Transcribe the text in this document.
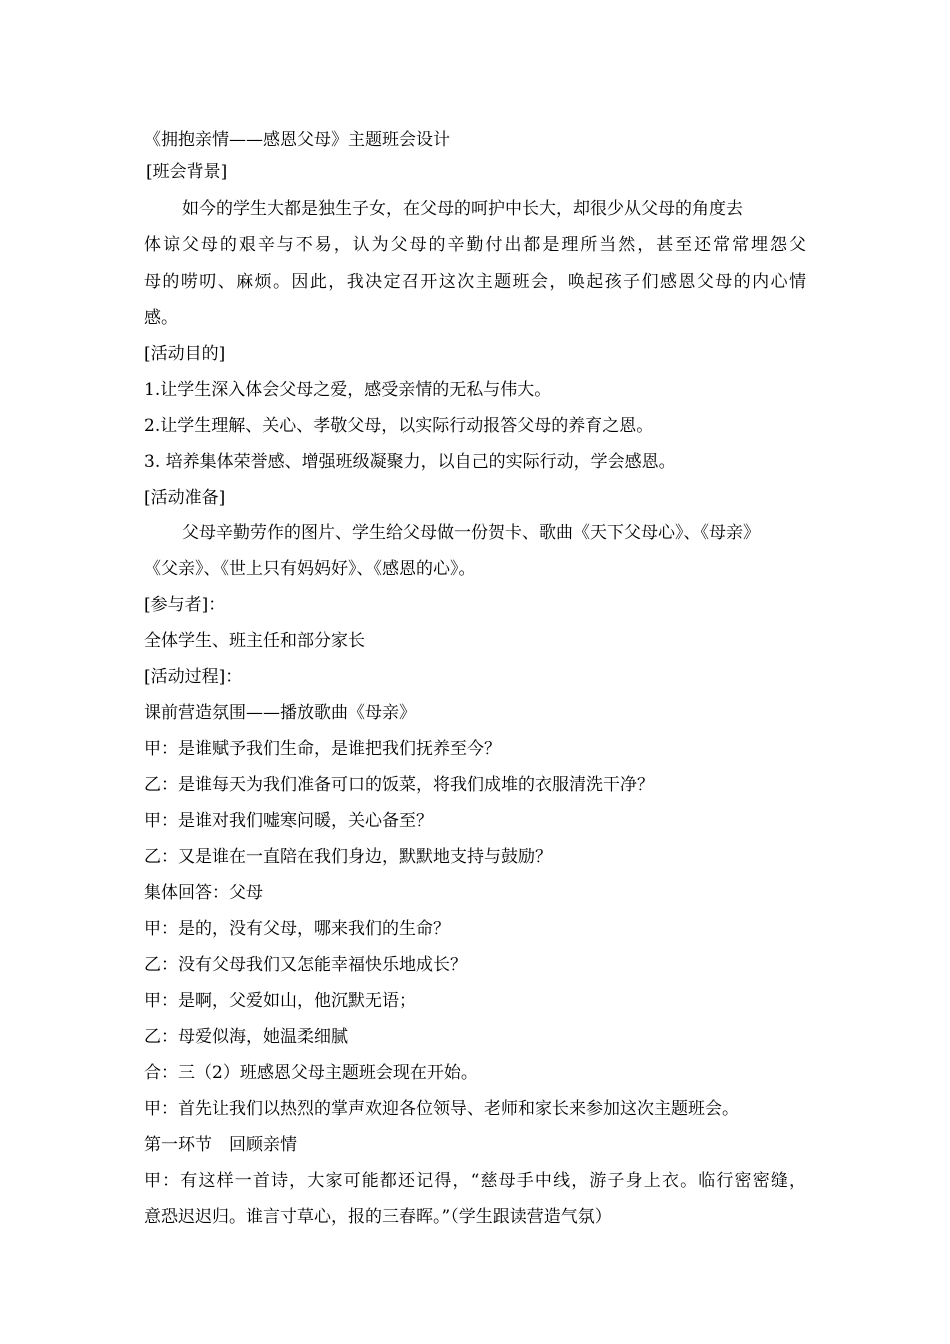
《拥抱亲情——感恩父母》主题班会设计
[班会背景]
如今的学生大都是独生子女，在父母的呵护中长大，却很少从父母的角度去
体谅父母的艰辛与不易，认为父母的辛勤付出都是理所当然，甚至还常常埋怨父
母的唠叨、麻烦。因此，我决定召开这次主题班会，唤起孩子们感恩父母的内心情
感。
[活动目的]
1.让学生深入体会父母之爱，感受亲情的无私与伟大。
2.让学生理解、关心、孝敬父母，以实际行动报答父母的养育之恩。
3. 培养集体荣誉感、增强班级凝聚力，以自己的实际行动，学会感恩。
[活动准备]
父母辛勤劳作的图片、学生给父母做一份贺卡、歌曲《天下父母心》、《母亲》
《父亲》、《世上只有妈妈好》、《感恩的心》。
[参与者]：
全体学生、班主任和部分家长
[活动过程]：
课前营造氛围——播放歌曲《母亲》
甲：是谁赋予我们生命，是谁把我们抚养至今？
乙：是谁每天为我们准备可口的饭菜，将我们成堆的衣服清洗干净？
甲：是谁对我们嘘寒问暖，关心备至？
乙：又是谁在一直陪在我们身边，默默地支持与鼓励？
集体回答：父母
甲：是的，没有父母，哪来我们的生命？
乙：没有父母我们又怎能幸福快乐地成长？
甲：是啊，父爱如山，他沉默无语；
乙：母爱似海，她温柔细腻
合：三（2）班感恩父母主题班会现在开始。
甲：首先让我们以热烈的掌声欢迎各位领导、老师和家长来参加这次主题班会。
第一环节　回顾亲情
甲：有这样一首诗，大家可能都还记得，“慈母手中线，游子身上衣。临行密密缝，
意恐迟迟归。谁言寸草心，报的三春晖。”（学生跟读营造气氛）
